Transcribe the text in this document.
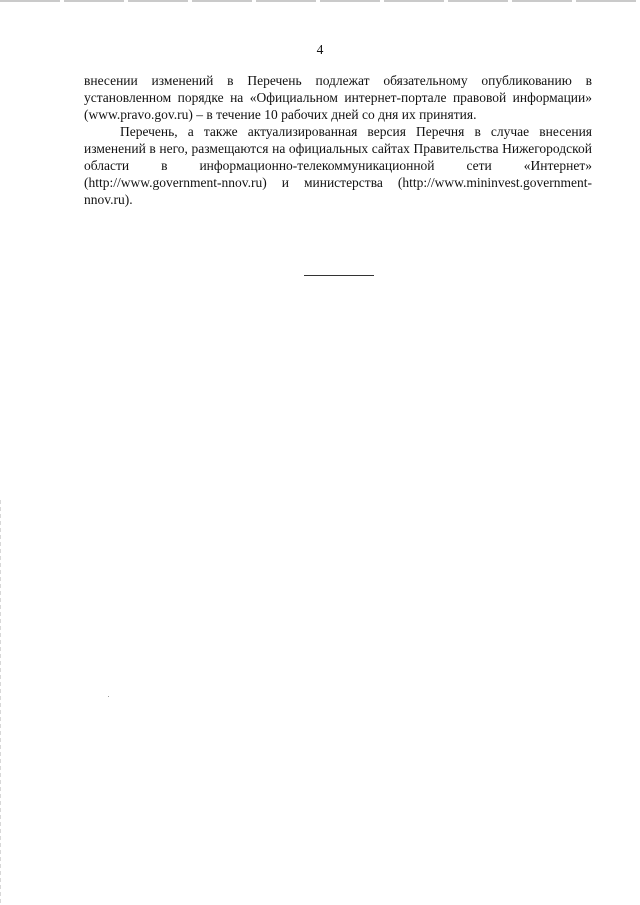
4

внесении изменений в Перечень подлежат обязательному опубликованию в установленном порядке на «Официальном интернет-портале правовой информации» (www.pravo.gov.ru) – в течение 10 рабочих дней со дня их принятия.

Перечень, а также актуализированная версия Перечня в случае внесения изменений в него, размещаются на официальных сайтах Правительства Нижегородской области в информационно-телекоммуникационной сети «Интернет» (http://www.government-nnov.ru) и министерства (http://www.mininvest.government-nnov.ru).
